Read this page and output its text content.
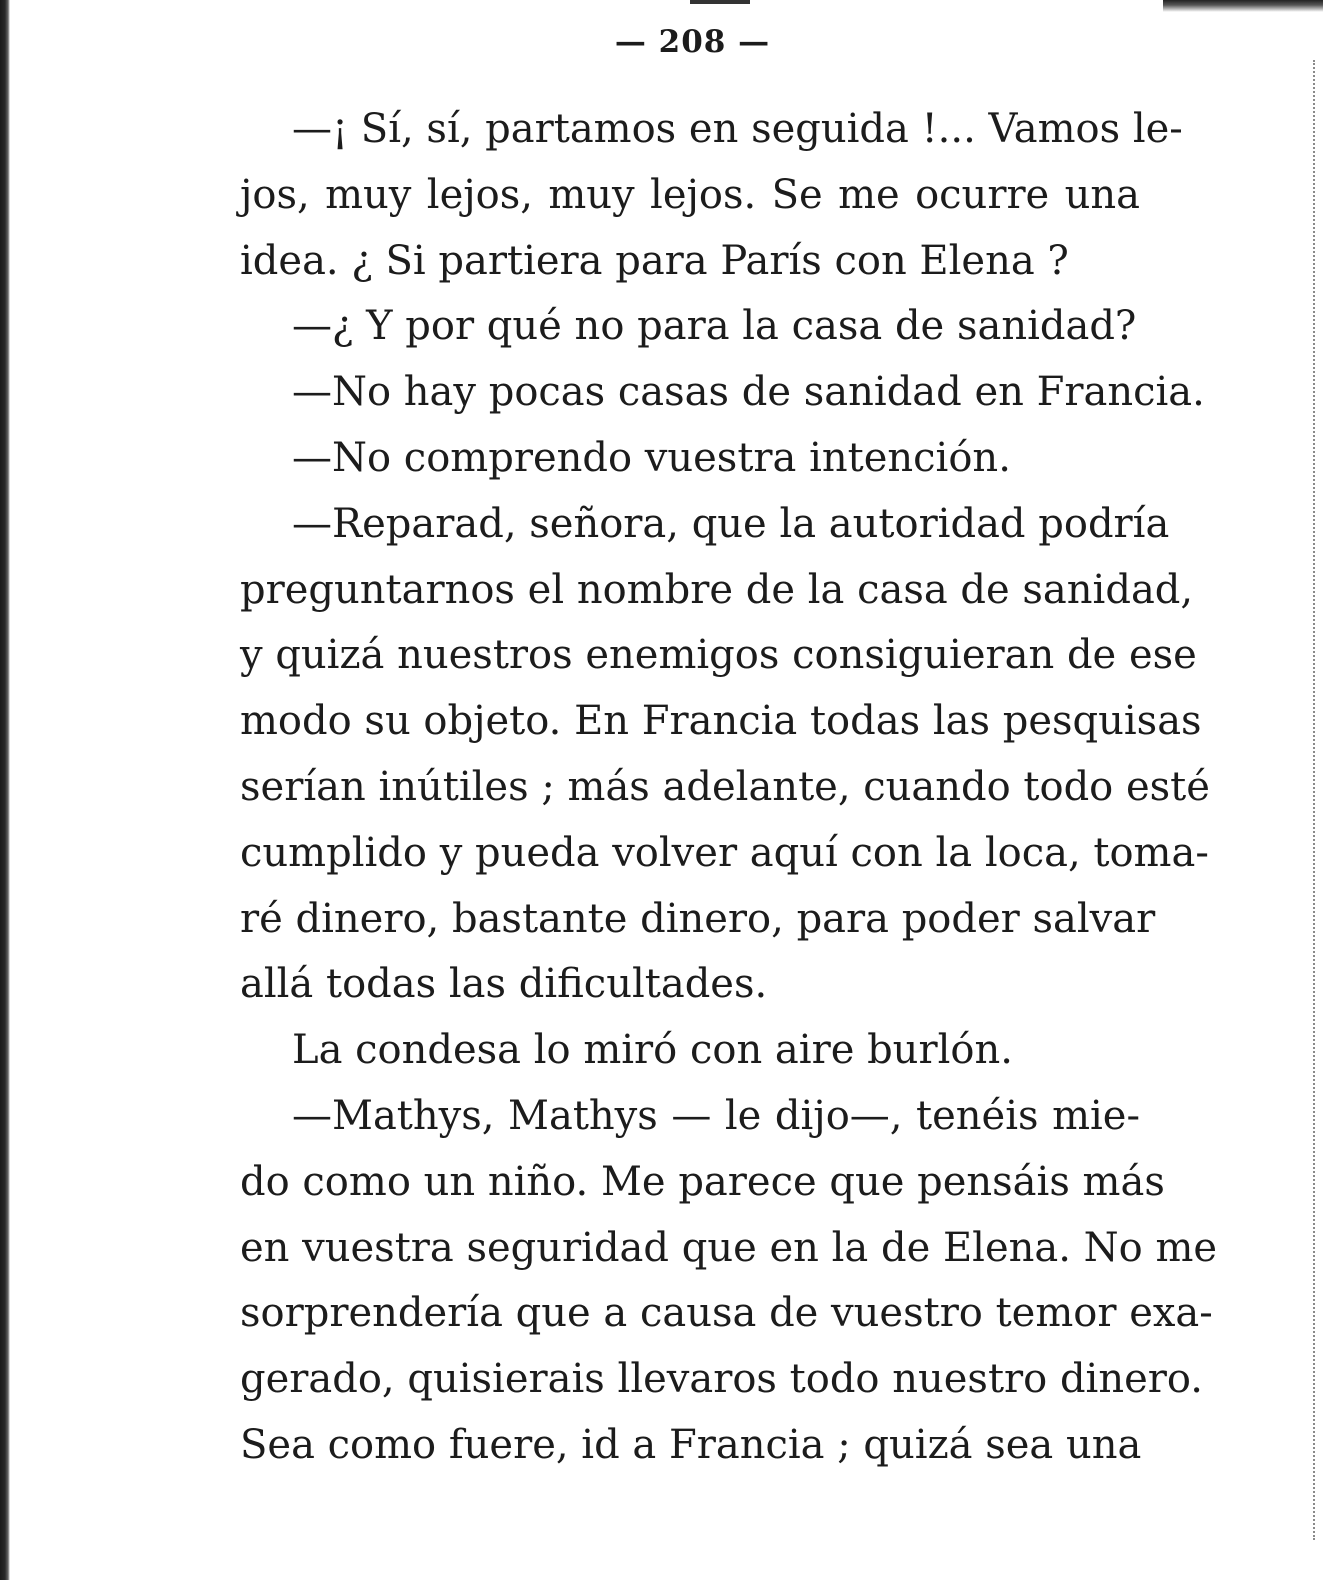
— 208 —
—¡ Sí, sí, partamos en seguida !... Vamos le-
jos, muy lejos, muy lejos. Se me ocurre una
idea. ¿ Si partiera para París con Elena ?
—¿ Y por qué no para la casa de sanidad?
—No hay pocas casas de sanidad en Francia.
—No comprendo vuestra intención.
—Reparad, señora, que la autoridad podría
preguntarnos el nombre de la casa de sanidad,
y quizá nuestros enemigos consiguieran de ese
modo su objeto. En Francia todas las pesquisas
serían inútiles ; más adelante, cuando todo esté
cumplido y pueda volver aquí con la loca, toma-
ré dinero, bastante dinero, para poder salvar
allá todas las dificultades.
La condesa lo miró con aire burlón.
—Mathys, Mathys — le dijo—, tenéis mie-
do como un niño. Me parece que pensáis más
en vuestra seguridad que en la de Elena. No me
sorprendería que a causa de vuestro temor exa-
gerado, quisierais llevaros todo nuestro dinero.
Sea como fuere, id a Francia ; quizá sea una
